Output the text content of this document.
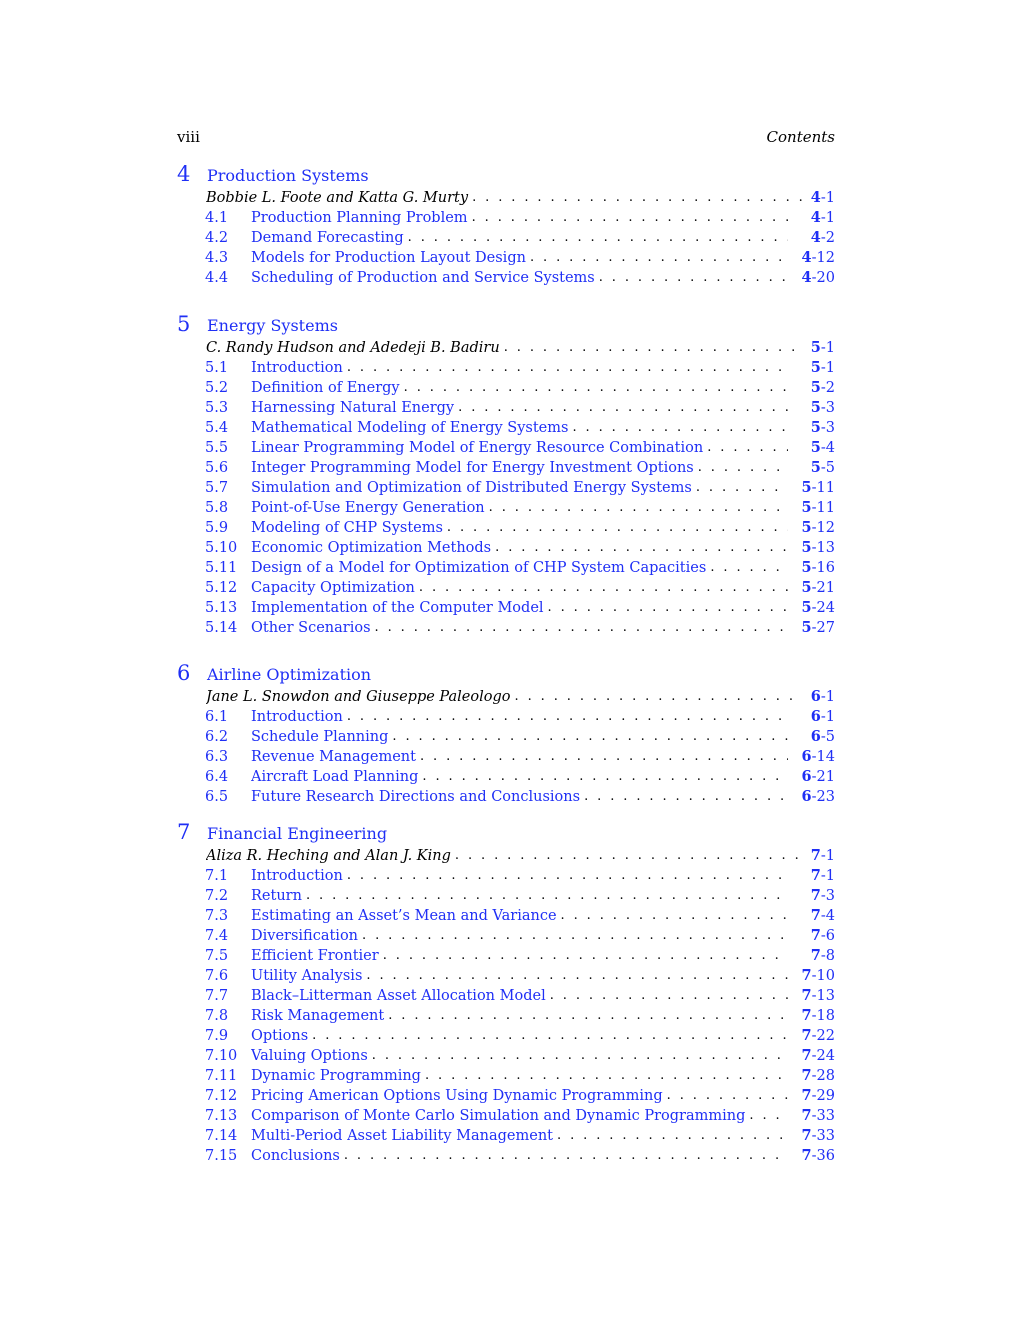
viii	Contents
4 Production Systems
Bobbie L. Foote and Katta G. Murty . . .	4-1
4.1	Production Planning Problem . . .	4-1
4.2	Demand Forecasting . . .	4-2
4.3	Models for Production Layout Design . . .	4-12
4.4	Scheduling of Production and Service Systems . . .	4-20
5 Energy Systems
C. Randy Hudson and Adedeji B. Badiru . . .	5-1
5.1	Introduction . . .	5-1
5.2	Definition of Energy . . .	5-2
5.3	Harnessing Natural Energy . . .	5-3
5.4	Mathematical Modeling of Energy Systems . . .	5-3
5.5	Linear Programming Model of Energy Resource Combination . . .	5-4
5.6	Integer Programming Model for Energy Investment Options . . .	5-5
5.7	Simulation and Optimization of Distributed Energy Systems . . .	5-11
5.8	Point-of-Use Energy Generation . . .	5-11
5.9	Modeling of CHP Systems . . .	5-12
5.10 Economic Optimization Methods . . .	5-13
5.11 Design of a Model for Optimization of CHP System Capacities . . .	5-16
5.12 Capacity Optimization . . .	5-21
5.13 Implementation of the Computer Model . . .	5-24
5.14 Other Scenarios . . .	5-27
6 Airline Optimization
Jane L. Snowdon and Giuseppe Paleologo . . .	6-1
6.1	Introduction . . .	6-1
6.2	Schedule Planning . . .	6-5
6.3	Revenue Management . . .	6-14
6.4	Aircraft Load Planning . . .	6-21
6.5	Future Research Directions and Conclusions . . .	6-23
7 Financial Engineering
Aliza R. Heching and Alan J. King . . .	7-1
7.1	Introduction . . .	7-1
7.2	Return . . .	7-3
7.3	Estimating an Asset’s Mean and Variance . . .	7-4
7.4	Diversification . . .	7-6
7.5	Efficient Frontier . . .	7-8
7.6	Utility Analysis . . .	7-10
7.7	Black–Litterman Asset Allocation Model . . .	7-13
7.8	Risk Management . . .	7-18
7.9	Options . . .	7-22
7.10 Valuing Options . . .	7-24
7.11 Dynamic Programming . . .	7-28
7.12 Pricing American Options Using Dynamic Programming . . .	7-29
7.13 Comparison of Monte Carlo Simulation and Dynamic Programming . . .	7-33
7.14 Multi-Period Asset Liability Management . . .	7-33
7.15 Conclusions . . .	7-36
